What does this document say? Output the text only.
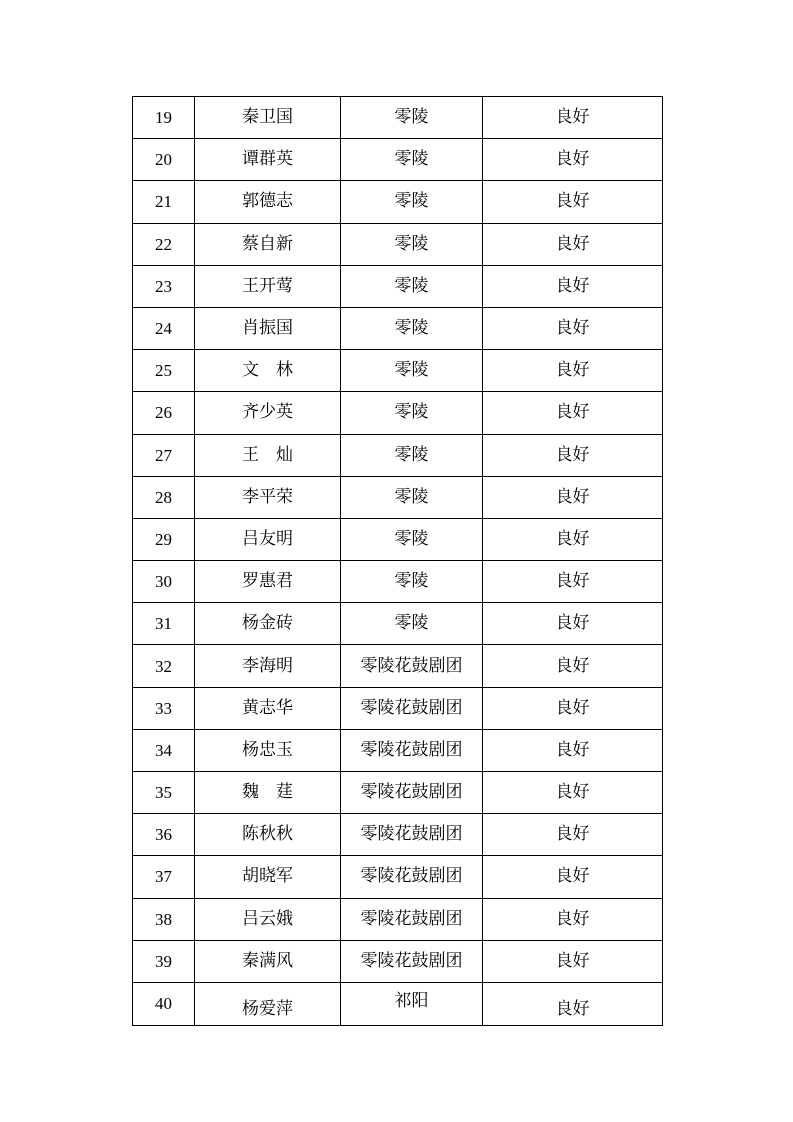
19	秦卫国	零陵	良好
20	谭群英	零陵	良好
21	郭德志	零陵	良好
22	蔡自新	零陵	良好
23	王开莺	零陵	良好
24	肖振国	零陵	良好
25	文　林	零陵	良好
26	齐少英	零陵	良好
27	王　灿	零陵	良好
28	李平荣	零陵	良好
29	吕友明	零陵	良好
30	罗惠君	零陵	良好
31	杨金砖	零陵	良好
32	李海明	零陵花鼓剧团	良好
33	黄志华	零陵花鼓剧团	良好
34	杨忠玉	零陵花鼓剧团	良好
35	魏　莛	零陵花鼓剧团	良好
36	陈秋秋	零陵花鼓剧团	良好
37	胡晓军	零陵花鼓剧团	良好
38	吕云娥	零陵花鼓剧团	良好
39	秦满风	零陵花鼓剧团	良好
40	杨爱萍	祁阳	良好
